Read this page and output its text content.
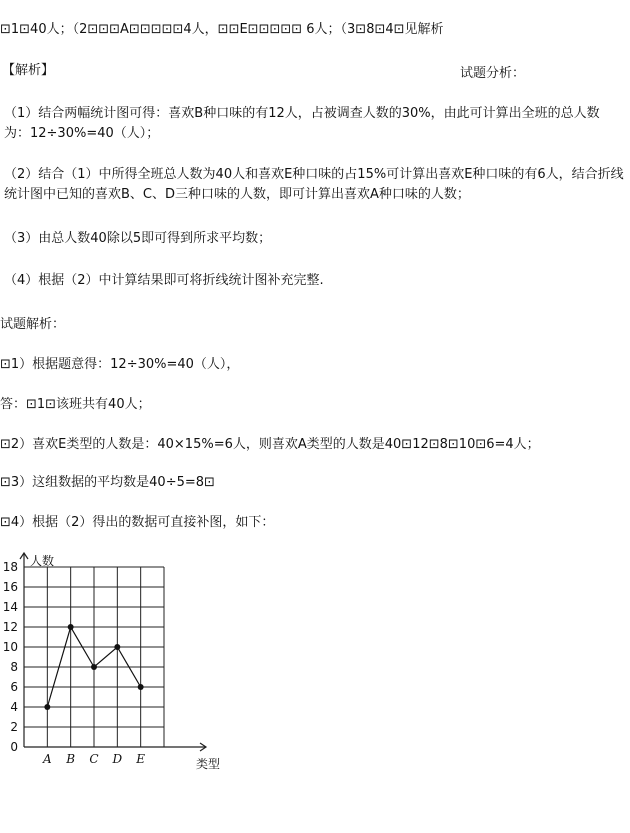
⊡1⊡40人；（2⊡⊡⊡A⊡⊡⊡⊡⊡4人，⊡⊡E⊡⊡⊡⊡⊡ 6人；（3⊡8⊡4⊡见解析
【解析】	试题分析：
（1）结合两幅统计图可得：喜欢B种口味的有12人，占被调查人数的30%，由此可计算出全班的总人数为：12÷30%=40（人）；
（2）结合（1）中所得全班总人数为40人和喜欢E种口味的占15%可计算出喜欢E种口味的有6人，结合折线统计图中已知的喜欢B、C、D三种口味的人数，即可计算出喜欢A种口味的人数；
（3）由总人数40除以5即可得到所求平均数；
（4）根据（2）中计算结果即可将折线统计图补充完整.
试题解析：
⊡1）根据题意得：12÷30%=40（人），
答：⊡1⊡该班共有40人；
⊡2）喜欢E类型的人数是：40×15%=6人，则喜欢A类型的人数是40⊡12⊡8⊡10⊡6=4人；
⊡3）这组数据的平均数是40÷5=8⊡
⊡4）根据（2）得出的数据可直接补图，如下：
0
2
4
6
8
10
12
14
16
18
A B C D E
人数
类型
